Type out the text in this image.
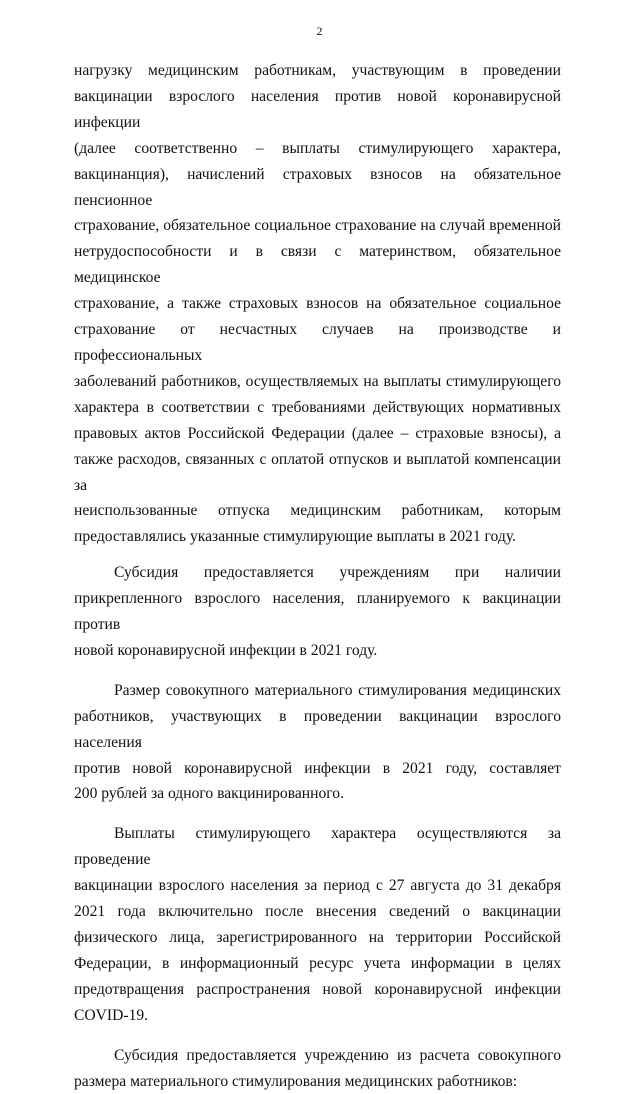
2
нагрузку медицинским работникам, участвующим в проведении
вакцинации взрослого населения против новой коронавирусной инфекции
(далее соответственно – выплаты стимулирующего характера,
вакцинанция), начислений страховых взносов на обязательное пенсионное
страхование, обязательное социальное страхование на случай временной
нетрудоспособности и в связи с материнством, обязательное медицинское
страхование, а также страховых взносов на обязательное социальное
страхование от несчастных случаев на производстве и профессиональных
заболеваний работников, осуществляемых на выплаты стимулирующего
характера в соответствии с требованиями действующих нормативных
правовых актов Российской Федерации (далее – страховые взносы), а
также расходов, связанных с оплатой отпусков и выплатой компенсации за
неиспользованные отпуска медицинским работникам, которым
предоставлялись указанные стимулирующие выплаты в 2021 году.
Субсидия предоставляется учреждениям при наличии
прикрепленного взрослого населения, планируемого к вакцинации против
новой коронавирусной инфекции в 2021 году.
Размер совокупного материального стимулирования медицинских
работников, участвующих в проведении вакцинации взрослого населения
против новой коронавирусной инфекции в 2021 году, составляет
200 рублей за одного вакцинированного.
Выплаты стимулирующего характера осуществляются за проведение
вакцинации взрослого населения за период с 27 августа до 31 декабря
2021 года включительно после внесения сведений о вакцинации
физического лица, зарегистрированного на территории Российской
Федерации, в информационный ресурс учета информации в целях
предотвращения распространения новой коронавирусной инфекции
COVID-19.
Субсидия предоставляется учреждению из расчета совокупного
размера материального стимулирования медицинских работников:
